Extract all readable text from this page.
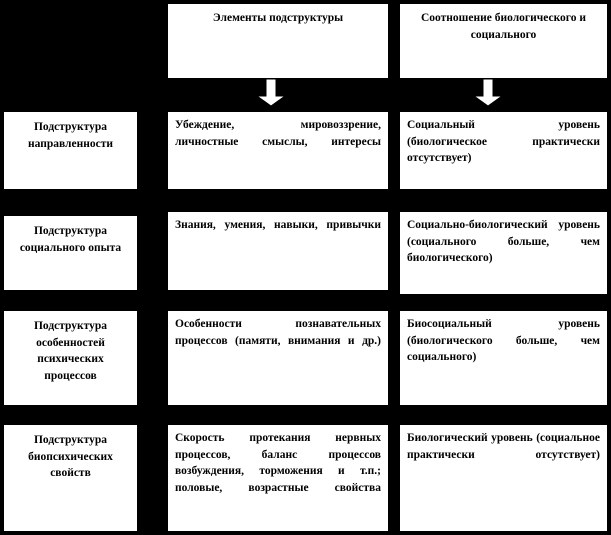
Элементы подструктуры	Соотношение биологического и социального
Подструктура направленности
Убеждение, мировоззрение, личностные смыслы, интересы
Социальный уровень (биологическое практически отсутствует)
Подструктура социального опыта
Знания, умения, навыки, привычки	Социально-биологический уровень (социального больше, чем биологического)
Подструктура особенностей психических процессов
Особенности познавательных процессов (памяти, внимания и др.)
Биосоциальный уровень (биологического больше, чем социального)
Подструктура биопсихических свойств
Скорость протекания нервных процессов, баланс процессов возбуждения, торможения и т.п.; половые, возрастные свойства
Биологический уровень (социальное практически отсутствует)
